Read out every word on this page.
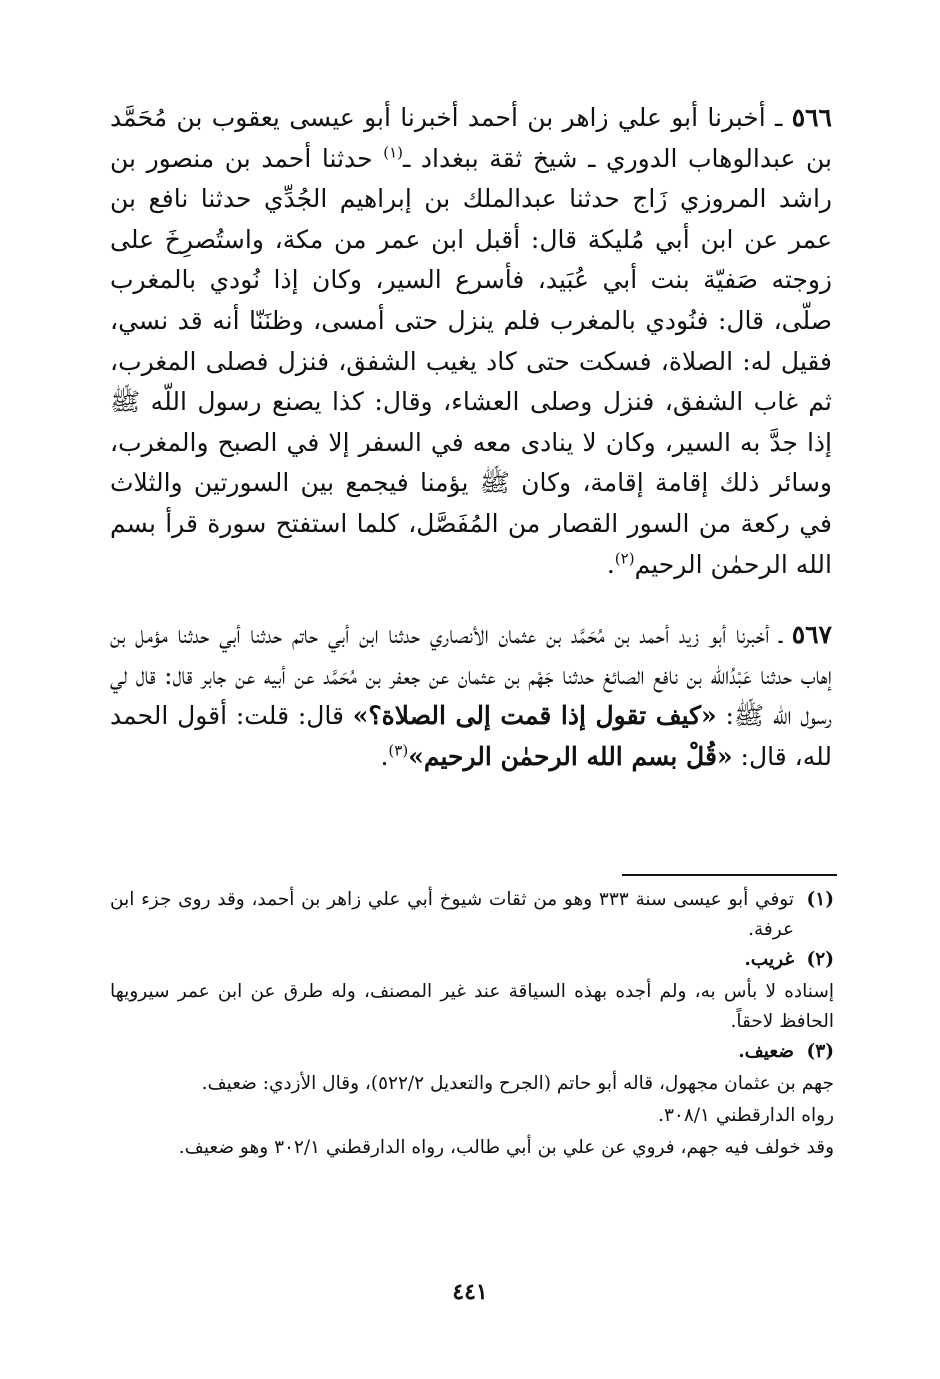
٥٦٦ ـ أخبرنا أبو علي زاهر بن أحمد أخبرنا أبو عيسى يعقوب بن مُحَمَّد بن عبدالوهاب الدوري ـ شيخ ثقة ببغداد ـ$^{(١)}$ حدثنا أحمد بن منصور بن راشد المروزي زَاج حدثنا عبدالملك بن إبراهيم الجُدِّي حدثنا نافع بن عمر عن ابن أبي مُليكة قال: أقبل ابن عمر من مكة، واستُصرِخَ على زوجته صَفيّة بنت أبي عُبَيد، فأسرع السير، وكان إذا نُودي بالمغرب صلّى، قال: فنُودي بالمغرب فلم ينزل حتى أمسى، وظنَنّا أنه قد نسي، فقيل له: الصلاة، فسكت حتى كاد يغيب الشفق، فنزل فصلى المغرب، ثم غاب الشفق، فنزل وصلى العشاء، وقال: كذا يصنع رسول اللّه ﷺ إذا جدَّ به السير، وكان لا ينادى معه في السفر إلا في الصبح والمغرب، وسائر ذلك إقامة إقامة، وكان ﷺ يؤمنا فيجمع بين السورتين والثلاث في ركعة من السور القصار من المُفَصَّل، كلما استفتح سورة قرأ بسم الله الرحمٰن الرحيم$^{(٢)}$.

٥٦٧ ـ أخبرنا أبو زيد أحمد بن مُحَمَّد بن عثمان الأنصاري حدثنا ابن أبي حاتم حدثنا أبي حدثنا مؤمل بن إهاب حدثنا عَبْدُاللّه بن نافع الصائغ حدثنا جَهْم بن عثمان عن جعفر بن مُحَمَّد عن أبيه عن جابر قال: قال لي رسول اللّه ﷺ: «كيف تقول إذا قمت إلى الصلاة؟» قال: قلت: أقول الحمد لله، قال: «قُلْ بسم الله الرحمٰن الرحيم»$^{(٣)}$.

(١)

توفي أبو عيسى سنة ٣٣٣ وهو من ثقات شيوخ أبي علي زاهر بن أحمد، وقد روى جزء ابن عرفة.

(٢)

غريب.

إسناده لا بأس به، ولم أجده بهذه السياقة عند غير المصنف، وله طرق عن ابن عمر سيرويها الحافظ لاحقاً.

(٣)

ضعيف.

جهم بن عثمان مجهول، قاله أبو حاتم (الجرح والتعديل ٥٢٢/٢)، وقال الأزدي: ضعيف.

رواه الدارقطني ٣٠٨/١.

وقد خولف فيه جهم، فروي عن علي بن أبي طالب، رواه الدارقطني ٣٠٢/١ وهو ضعيف.

٤٤١
